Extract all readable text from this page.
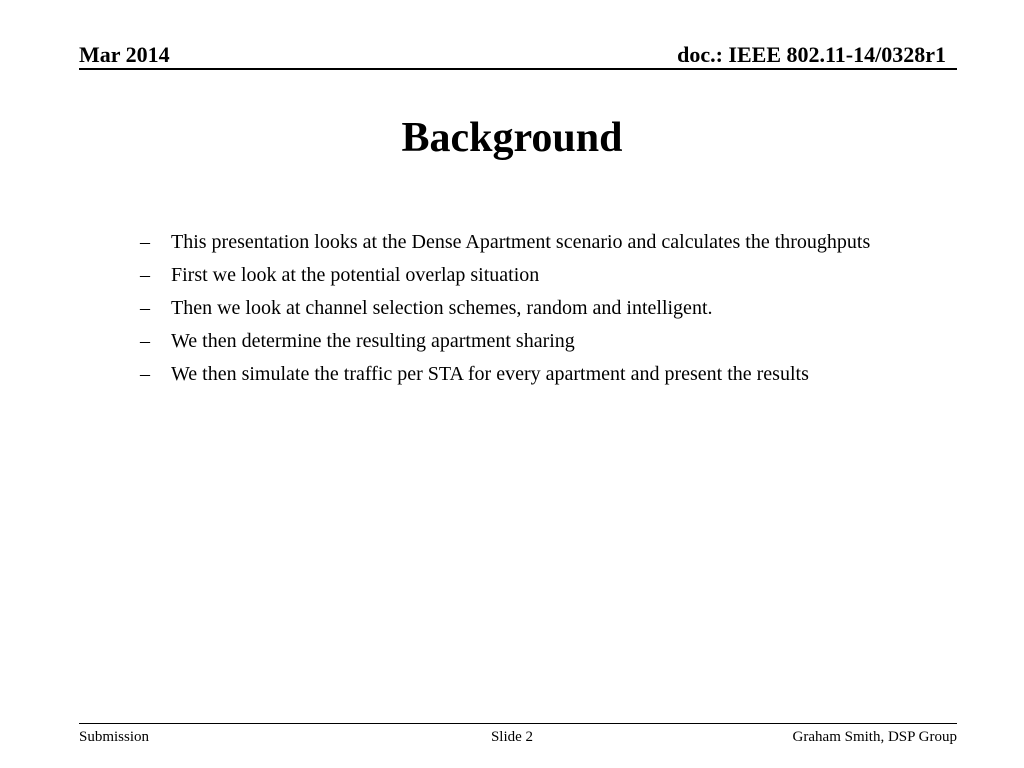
Mar 2014	doc.: IEEE 802.11-14/0328r1
Background
– This presentation looks at the Dense Apartment scenario and calculates the throughputs
– First we look at the potential overlap situation
– Then we look at channel selection schemes, random and intelligent.
– We then determine the resulting apartment sharing
– We then simulate the traffic per STA for every apartment and present the results
Submission	Slide 2	Graham Smith, DSP Group
